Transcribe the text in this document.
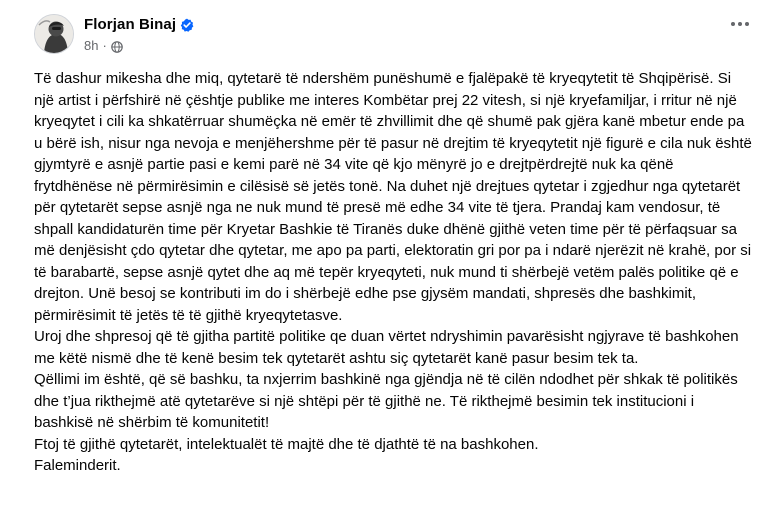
Florjan Binaj
8h ·

Të dashur mikesha dhe miq, qytetarë të ndershëm punëshumë e fjalëpakë të kryeqytetit të Shqipërisë. Si një artist i përfshirë në çështje publike me interes Kombëtar prej 22 vitesh, si një kryefamiljar, i rritur në një kryeqytet i cili ka shkatërruar shumëçka në emër të zhvillimit dhe që shumë pak gjëra kanë mbetur ende pa u bërë ish, nisur nga nevoja e menjëhershme për të pasur në drejtim të kryeqytetit një figurë e cila nuk është gjymtyrë e asnjë partie pasi e kemi parë në 34 vite që kjo mënyrë jo e drejtpërdrejtë nuk ka qënë frytdhënëse në përmirësimin e cilësisë së jetës tonë. Na duhet një drejtues qytetar i zgjedhur nga qytetarët për qytetarët sepse asnjë nga ne nuk mund të presë më edhe 34 vite të tjera. Prandaj kam vendosur, të shpall kandidaturën time për Kryetar Bashkie të Tiranës duke dhënë gjithë veten time për të përfaqsuar sa më denjësisht çdo qytetar dhe qytetar, me apo pa parti, elektoratin gri por pa i ndarë njerëzit në krahë, por si të barabartë, sepse asnjë qytet dhe aq më tepër kryeqyteti, nuk mund ti shërbejë vetëm palës politike që e drejton. Unë besoj se kontributi im do i shërbejë edhe pse gjysëm mandati, shpresës dhe bashkimit, përmirësimit të jetës të të gjithë kryeqytetasve.

Uroj dhe shpresoj që të gjitha partitë politike qe duan vërtet ndryshimin pavarësisht ngjyrave të bashkohen me këtë nismë dhe të kenë besim tek qytetarët ashtu siç qytetarët kanë pasur besim tek ta.

Qëllimi im është, që së bashku, ta nxjerrim bashkinë nga gjëndja në të cilën ndodhet për shkak të politikës dhe t’jua rikthejmë atë qytetarëve si një shtëpi për të gjithë ne. Të rikthejmë besimin tek institucioni i bashkisë në shërbim të komunitetit!

Ftoj të gjithë qytetarët, intelektualët të majtë dhe të djathtë të na bashkohen.

Faleminderit.
